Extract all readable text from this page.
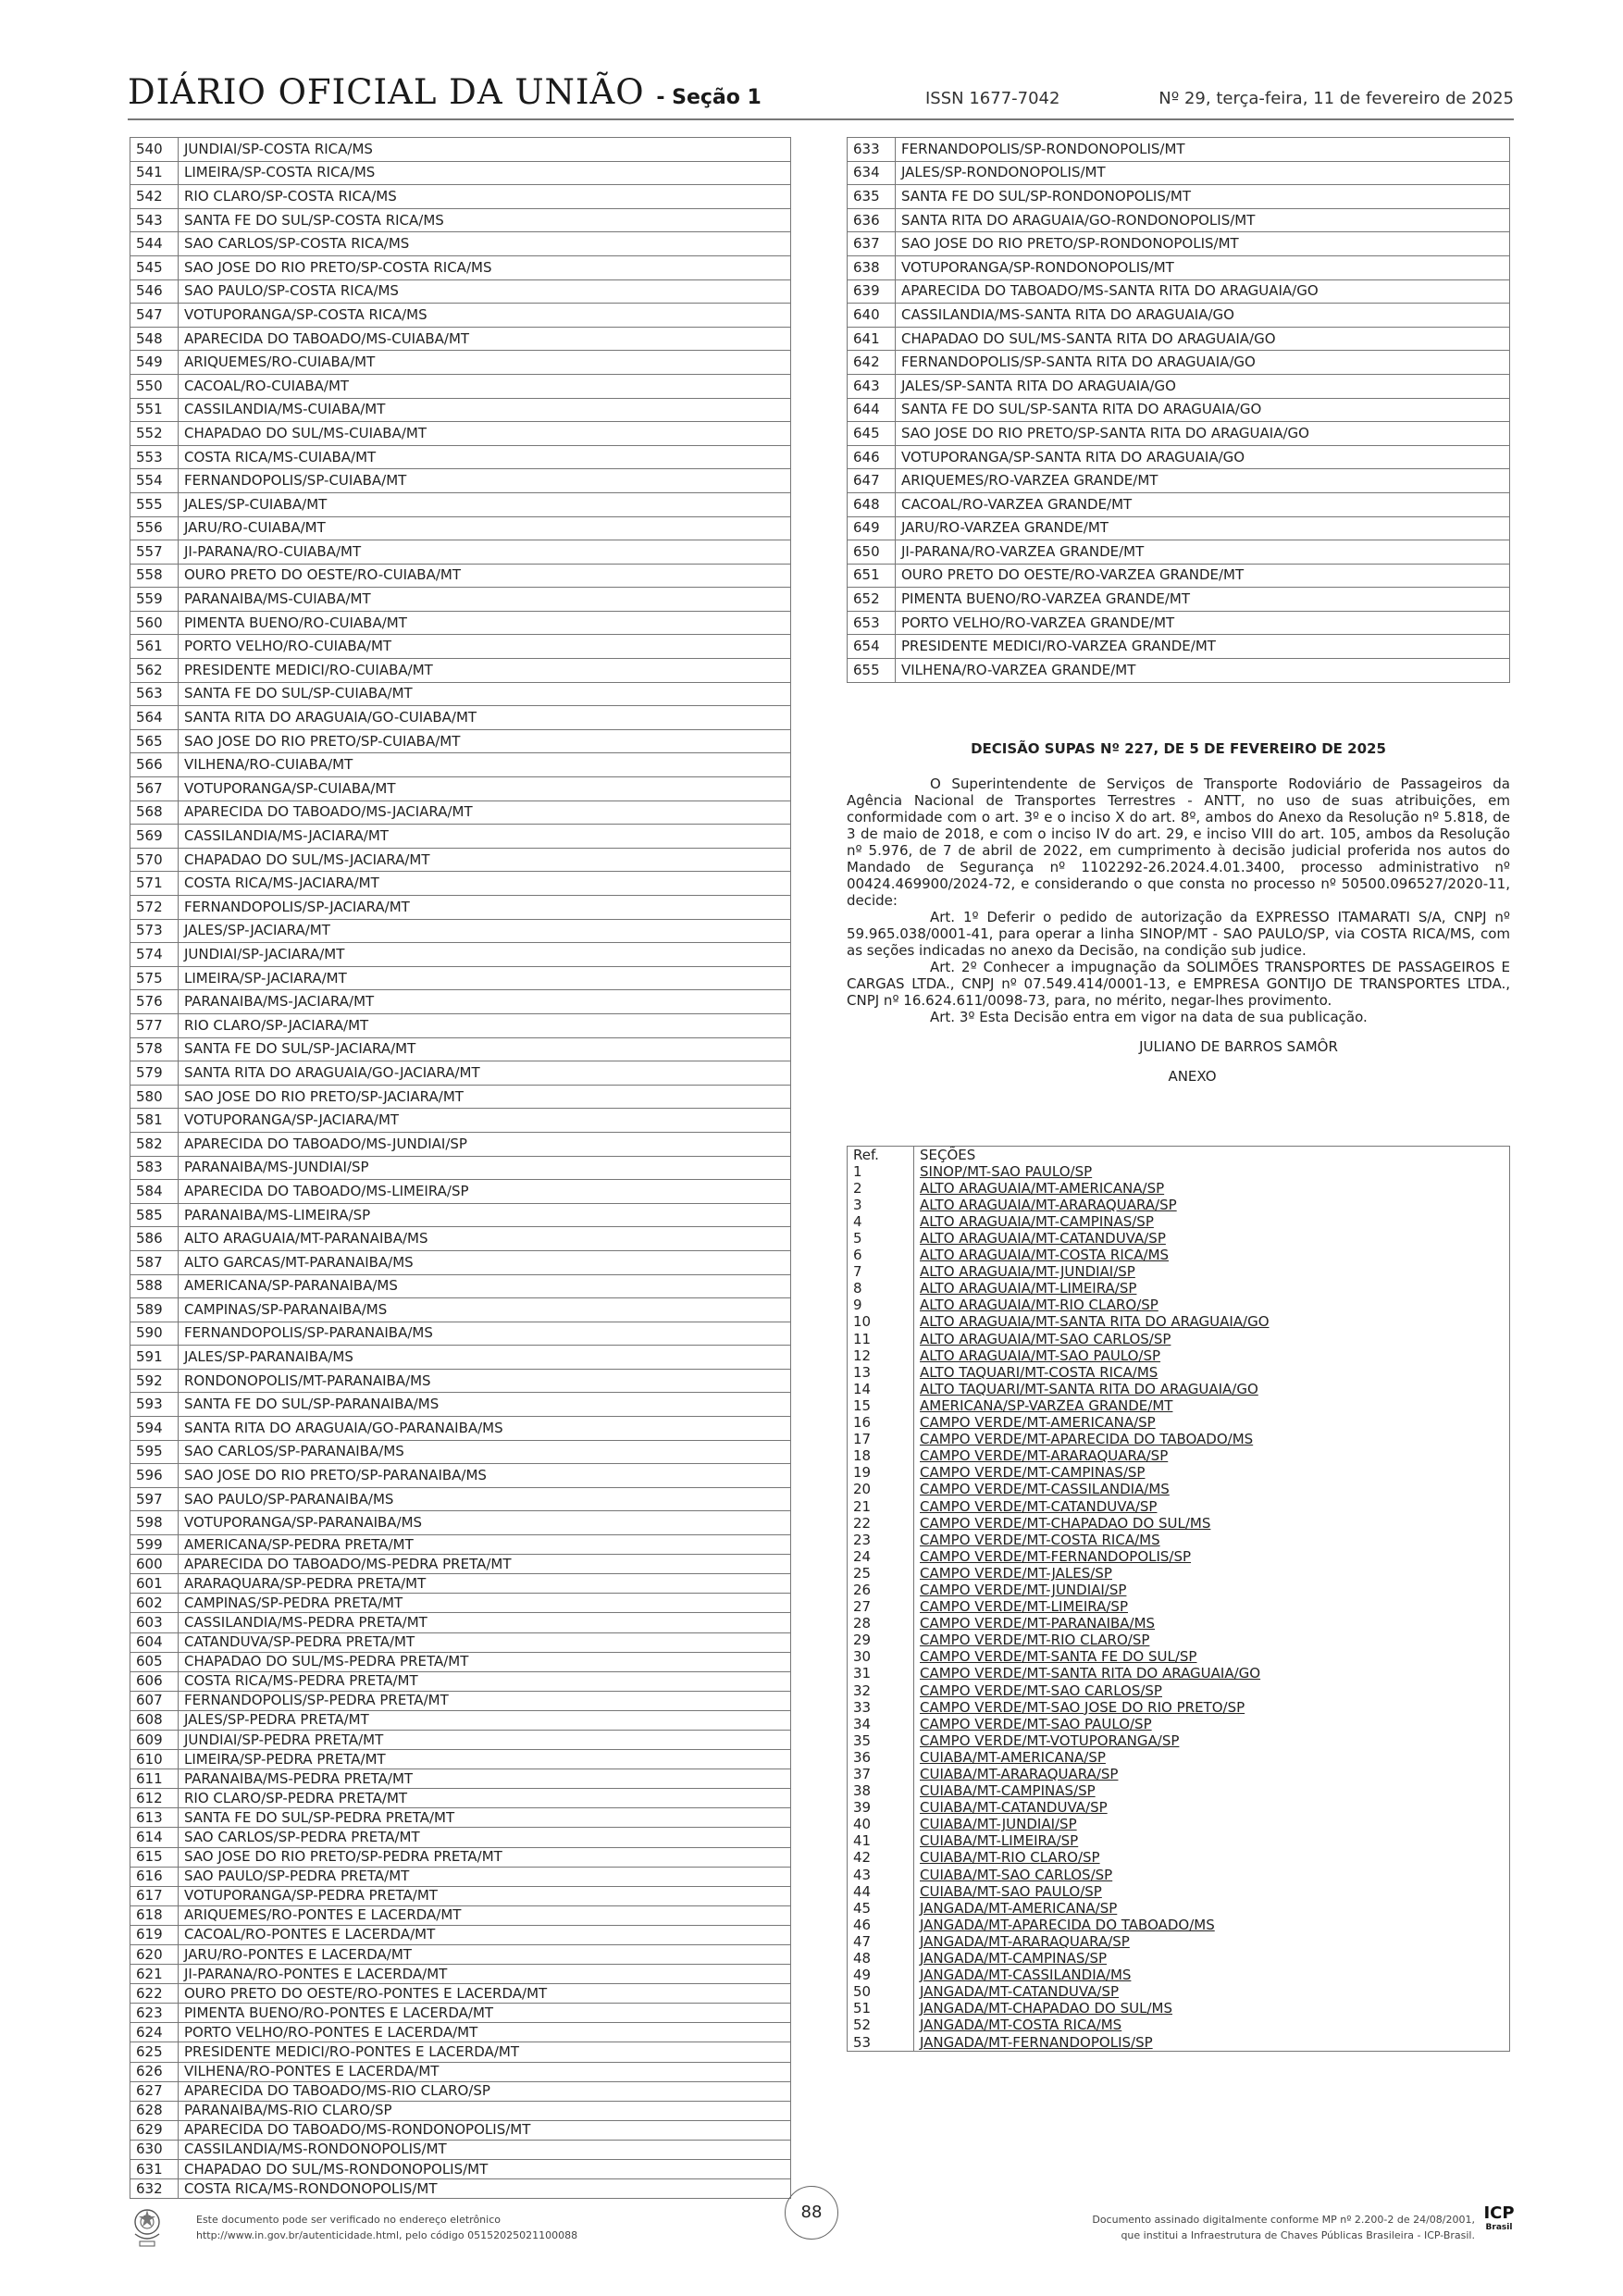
DIÁRIO OFICIAL DA UNIÃO - Seção 1	ISSN 1677-7042	Nº 29, terça-feira, 11 de fevereiro de 2025
540	JUNDIAI/SP-COSTA RICA/MS
541	LIMEIRA/SP-COSTA RICA/MS
542	RIO CLARO/SP-COSTA RICA/MS
543	SANTA FE DO SUL/SP-COSTA RICA/MS
544	SAO CARLOS/SP-COSTA RICA/MS
545	SAO JOSE DO RIO PRETO/SP-COSTA RICA/MS
546	SAO PAULO/SP-COSTA RICA/MS
547	VOTUPORANGA/SP-COSTA RICA/MS
548	APARECIDA DO TABOADO/MS-CUIABA/MT
549	ARIQUEMES/RO-CUIABA/MT
550	CACOAL/RO-CUIABA/MT
551	CASSILANDIA/MS-CUIABA/MT
552	CHAPADAO DO SUL/MS-CUIABA/MT
553	COSTA RICA/MS-CUIABA/MT
554	FERNANDOPOLIS/SP-CUIABA/MT
555	JALES/SP-CUIABA/MT
556	JARU/RO-CUIABA/MT
557	JI-PARANA/RO-CUIABA/MT
558	OURO PRETO DO OESTE/RO-CUIABA/MT
559	PARANAIBA/MS-CUIABA/MT
560	PIMENTA BUENO/RO-CUIABA/MT
561	PORTO VELHO/RO-CUIABA/MT
562	PRESIDENTE MEDICI/RO-CUIABA/MT
563	SANTA FE DO SUL/SP-CUIABA/MT
564	SANTA RITA DO ARAGUAIA/GO-CUIABA/MT
565	SAO JOSE DO RIO PRETO/SP-CUIABA/MT
566	VILHENA/RO-CUIABA/MT
567	VOTUPORANGA/SP-CUIABA/MT
568	APARECIDA DO TABOADO/MS-JACIARA/MT
569	CASSILANDIA/MS-JACIARA/MT
570	CHAPADAO DO SUL/MS-JACIARA/MT
571	COSTA RICA/MS-JACIARA/MT
572	FERNANDOPOLIS/SP-JACIARA/MT
573	JALES/SP-JACIARA/MT
574	JUNDIAI/SP-JACIARA/MT
575	LIMEIRA/SP-JACIARA/MT
576	PARANAIBA/MS-JACIARA/MT
577	RIO CLARO/SP-JACIARA/MT
578	SANTA FE DO SUL/SP-JACIARA/MT
579	SANTA RITA DO ARAGUAIA/GO-JACIARA/MT
580	SAO JOSE DO RIO PRETO/SP-JACIARA/MT
581	VOTUPORANGA/SP-JACIARA/MT
582	APARECIDA DO TABOADO/MS-JUNDIAI/SP
583	PARANAIBA/MS-JUNDIAI/SP
584	APARECIDA DO TABOADO/MS-LIMEIRA/SP
585	PARANAIBA/MS-LIMEIRA/SP
586	ALTO ARAGUAIA/MT-PARANAIBA/MS
587	ALTO GARCAS/MT-PARANAIBA/MS
588	AMERICANA/SP-PARANAIBA/MS
589	CAMPINAS/SP-PARANAIBA/MS
590	FERNANDOPOLIS/SP-PARANAIBA/MS
591	JALES/SP-PARANAIBA/MS
592	RONDONOPOLIS/MT-PARANAIBA/MS
593	SANTA FE DO SUL/SP-PARANAIBA/MS
594	SANTA RITA DO ARAGUAIA/GO-PARANAIBA/MS
595	SAO CARLOS/SP-PARANAIBA/MS
596	SAO JOSE DO RIO PRETO/SP-PARANAIBA/MS
597	SAO PAULO/SP-PARANAIBA/MS
598	VOTUPORANGA/SP-PARANAIBA/MS
599	AMERICANA/SP-PEDRA PRETA/MT
600	APARECIDA DO TABOADO/MS-PEDRA PRETA/MT
601	ARARAQUARA/SP-PEDRA PRETA/MT
602	CAMPINAS/SP-PEDRA PRETA/MT
603	CASSILANDIA/MS-PEDRA PRETA/MT
604	CATANDUVA/SP-PEDRA PRETA/MT
605	CHAPADAO DO SUL/MS-PEDRA PRETA/MT
606	COSTA RICA/MS-PEDRA PRETA/MT
607	FERNANDOPOLIS/SP-PEDRA PRETA/MT
608	JALES/SP-PEDRA PRETA/MT
609	JUNDIAI/SP-PEDRA PRETA/MT
610	LIMEIRA/SP-PEDRA PRETA/MT
611	PARANAIBA/MS-PEDRA PRETA/MT
612	RIO CLARO/SP-PEDRA PRETA/MT
613	SANTA FE DO SUL/SP-PEDRA PRETA/MT
614	SAO CARLOS/SP-PEDRA PRETA/MT
615	SAO JOSE DO RIO PRETO/SP-PEDRA PRETA/MT
616	SAO PAULO/SP-PEDRA PRETA/MT
617	VOTUPORANGA/SP-PEDRA PRETA/MT
618	ARIQUEMES/RO-PONTES E LACERDA/MT
619	CACOAL/RO-PONTES E LACERDA/MT
620	JARU/RO-PONTES E LACERDA/MT
621	JI-PARANA/RO-PONTES E LACERDA/MT
622	OURO PRETO DO OESTE/RO-PONTES E LACERDA/MT
623	PIMENTA BUENO/RO-PONTES E LACERDA/MT
624	PORTO VELHO/RO-PONTES E LACERDA/MT
625	PRESIDENTE MEDICI/RO-PONTES E LACERDA/MT
626	VILHENA/RO-PONTES E LACERDA/MT
627	APARECIDA DO TABOADO/MS-RIO CLARO/SP
628	PARANAIBA/MS-RIO CLARO/SP
629	APARECIDA DO TABOADO/MS-RONDONOPOLIS/MT
630	CASSILANDIA/MS-RONDONOPOLIS/MT
631	CHAPADAO DO SUL/MS-RONDONOPOLIS/MT
632	COSTA RICA/MS-RONDONOPOLIS/MT
633	FERNANDOPOLIS/SP-RONDONOPOLIS/MT
634	JALES/SP-RONDONOPOLIS/MT
635	SANTA FE DO SUL/SP-RONDONOPOLIS/MT
636	SANTA RITA DO ARAGUAIA/GO-RONDONOPOLIS/MT
637	SAO JOSE DO RIO PRETO/SP-RONDONOPOLIS/MT
638	VOTUPORANGA/SP-RONDONOPOLIS/MT
639	APARECIDA DO TABOADO/MS-SANTA RITA DO ARAGUAIA/GO
640	CASSILANDIA/MS-SANTA RITA DO ARAGUAIA/GO
641	CHAPADAO DO SUL/MS-SANTA RITA DO ARAGUAIA/GO
642	FERNANDOPOLIS/SP-SANTA RITA DO ARAGUAIA/GO
643	JALES/SP-SANTA RITA DO ARAGUAIA/GO
644	SANTA FE DO SUL/SP-SANTA RITA DO ARAGUAIA/GO
645	SAO JOSE DO RIO PRETO/SP-SANTA RITA DO ARAGUAIA/GO
646	VOTUPORANGA/SP-SANTA RITA DO ARAGUAIA/GO
647	ARIQUEMES/RO-VARZEA GRANDE/MT
648	CACOAL/RO-VARZEA GRANDE/MT
649	JARU/RO-VARZEA GRANDE/MT
650	JI-PARANA/RO-VARZEA GRANDE/MT
651	OURO PRETO DO OESTE/RO-VARZEA GRANDE/MT
652	PIMENTA BUENO/RO-VARZEA GRANDE/MT
653	PORTO VELHO/RO-VARZEA GRANDE/MT
654	PRESIDENTE MEDICI/RO-VARZEA GRANDE/MT
655	VILHENA/RO-VARZEA GRANDE/MT
DECISÃO SUPAS Nº 227, DE 5 DE FEVEREIRO DE 2025

O Superintendente de Serviços de Transporte Rodoviário de Passageiros da Agência Nacional de Transportes Terrestres - ANTT, no uso de suas atribuições, em conformidade com o art. 3º e o inciso X do art. 8º, ambos do Anexo da Resolução nº 5.818, de 3 de maio de 2018, e com o inciso IV do art. 29, e inciso VIII do art. 105, ambos da Resolução nº 5.976, de 7 de abril de 2022, em cumprimento à decisão judicial proferida nos autos do Mandado de Segurança nº 1102292-26.2024.4.01.3400, processo administrativo nº 00424.469900/2024-72, e considerando o que consta no processo nº 50500.096527/2020-11, decide:

Art. 1º Deferir o pedido de autorização da EXPRESSO ITAMARATI S/A, CNPJ nº 59.965.038/0001-41, para operar a linha SINOP/MT - SAO PAULO/SP, via COSTA RICA/MS, com as seções indicadas no anexo da Decisão, na condição sub judice.

Art. 2º Conhecer a impugnação da SOLIMÕES TRANSPORTES DE PASSAGEIROS E CARGAS LTDA., CNPJ nº 07.549.414/0001-13, e EMPRESA GONTIJO DE TRANSPORTES LTDA., CNPJ nº 16.624.611/0098-73, para, no mérito, negar-lhes provimento.

Art. 3º Esta Decisão entra em vigor na data de sua publicação.

JULIANO DE BARROS SAMÔR
ANEXO
Ref.	SEÇÕES
1	SINOP/MT-SAO PAULO/SP
2	ALTO ARAGUAIA/MT-AMERICANA/SP
3	ALTO ARAGUAIA/MT-ARARAQUARA/SP
4	ALTO ARAGUAIA/MT-CAMPINAS/SP
5	ALTO ARAGUAIA/MT-CATANDUVA/SP
6	ALTO ARAGUAIA/MT-COSTA RICA/MS
7	ALTO ARAGUAIA/MT-JUNDIAI/SP
8	ALTO ARAGUAIA/MT-LIMEIRA/SP
9	ALTO ARAGUAIA/MT-RIO CLARO/SP
10	ALTO ARAGUAIA/MT-SANTA RITA DO ARAGUAIA/GO
11	ALTO ARAGUAIA/MT-SAO CARLOS/SP
12	ALTO ARAGUAIA/MT-SAO PAULO/SP
13	ALTO TAQUARI/MT-COSTA RICA/MS
14	ALTO TAQUARI/MT-SANTA RITA DO ARAGUAIA/GO
15	AMERICANA/SP-VARZEA GRANDE/MT
16	CAMPO VERDE/MT-AMERICANA/SP
17	CAMPO VERDE/MT-APARECIDA DO TABOADO/MS
18	CAMPO VERDE/MT-ARARAQUARA/SP
19	CAMPO VERDE/MT-CAMPINAS/SP
20	CAMPO VERDE/MT-CASSILANDIA/MS
21	CAMPO VERDE/MT-CATANDUVA/SP
22	CAMPO VERDE/MT-CHAPADAO DO SUL/MS
23	CAMPO VERDE/MT-COSTA RICA/MS
24	CAMPO VERDE/MT-FERNANDOPOLIS/SP
25	CAMPO VERDE/MT-JALES/SP
26	CAMPO VERDE/MT-JUNDIAI/SP
27	CAMPO VERDE/MT-LIMEIRA/SP
28	CAMPO VERDE/MT-PARANAIBA/MS
29	CAMPO VERDE/MT-RIO CLARO/SP
30	CAMPO VERDE/MT-SANTA FE DO SUL/SP
31	CAMPO VERDE/MT-SANTA RITA DO ARAGUAIA/GO
32	CAMPO VERDE/MT-SAO CARLOS/SP
33	CAMPO VERDE/MT-SAO JOSE DO RIO PRETO/SP
34	CAMPO VERDE/MT-SAO PAULO/SP
35	CAMPO VERDE/MT-VOTUPORANGA/SP
36	CUIABA/MT-AMERICANA/SP
37	CUIABA/MT-ARARAQUARA/SP
38	CUIABA/MT-CAMPINAS/SP
39	CUIABA/MT-CATANDUVA/SP
40	CUIABA/MT-JUNDIAI/SP
41	CUIABA/MT-LIMEIRA/SP
42	CUIABA/MT-RIO CLARO/SP
43	CUIABA/MT-SAO CARLOS/SP
44	CUIABA/MT-SAO PAULO/SP
45	JANGADA/MT-AMERICANA/SP
46	JANGADA/MT-APARECIDA DO TABOADO/MS
47	JANGADA/MT-ARARAQUARA/SP
48	JANGADA/MT-CAMPINAS/SP
49	JANGADA/MT-CASSILANDIA/MS
50	JANGADA/MT-CATANDUVA/SP
51	JANGADA/MT-CHAPADAO DO SUL/MS
52	JANGADA/MT-COSTA RICA/MS
53	JANGADA/MT-FERNANDOPOLIS/SP
Este documento pode ser verificado no endereço eletrônico
http://www.in.gov.br/autenticidade.html, pelo código 05152025021100088
88	Documento assinado digitalmente conforme MP nº 2.200-2 de 24/08/2001,
que institui a Infraestrutura de Chaves Públicas Brasileira - ICP-Brasil.
ICP
Brasil
